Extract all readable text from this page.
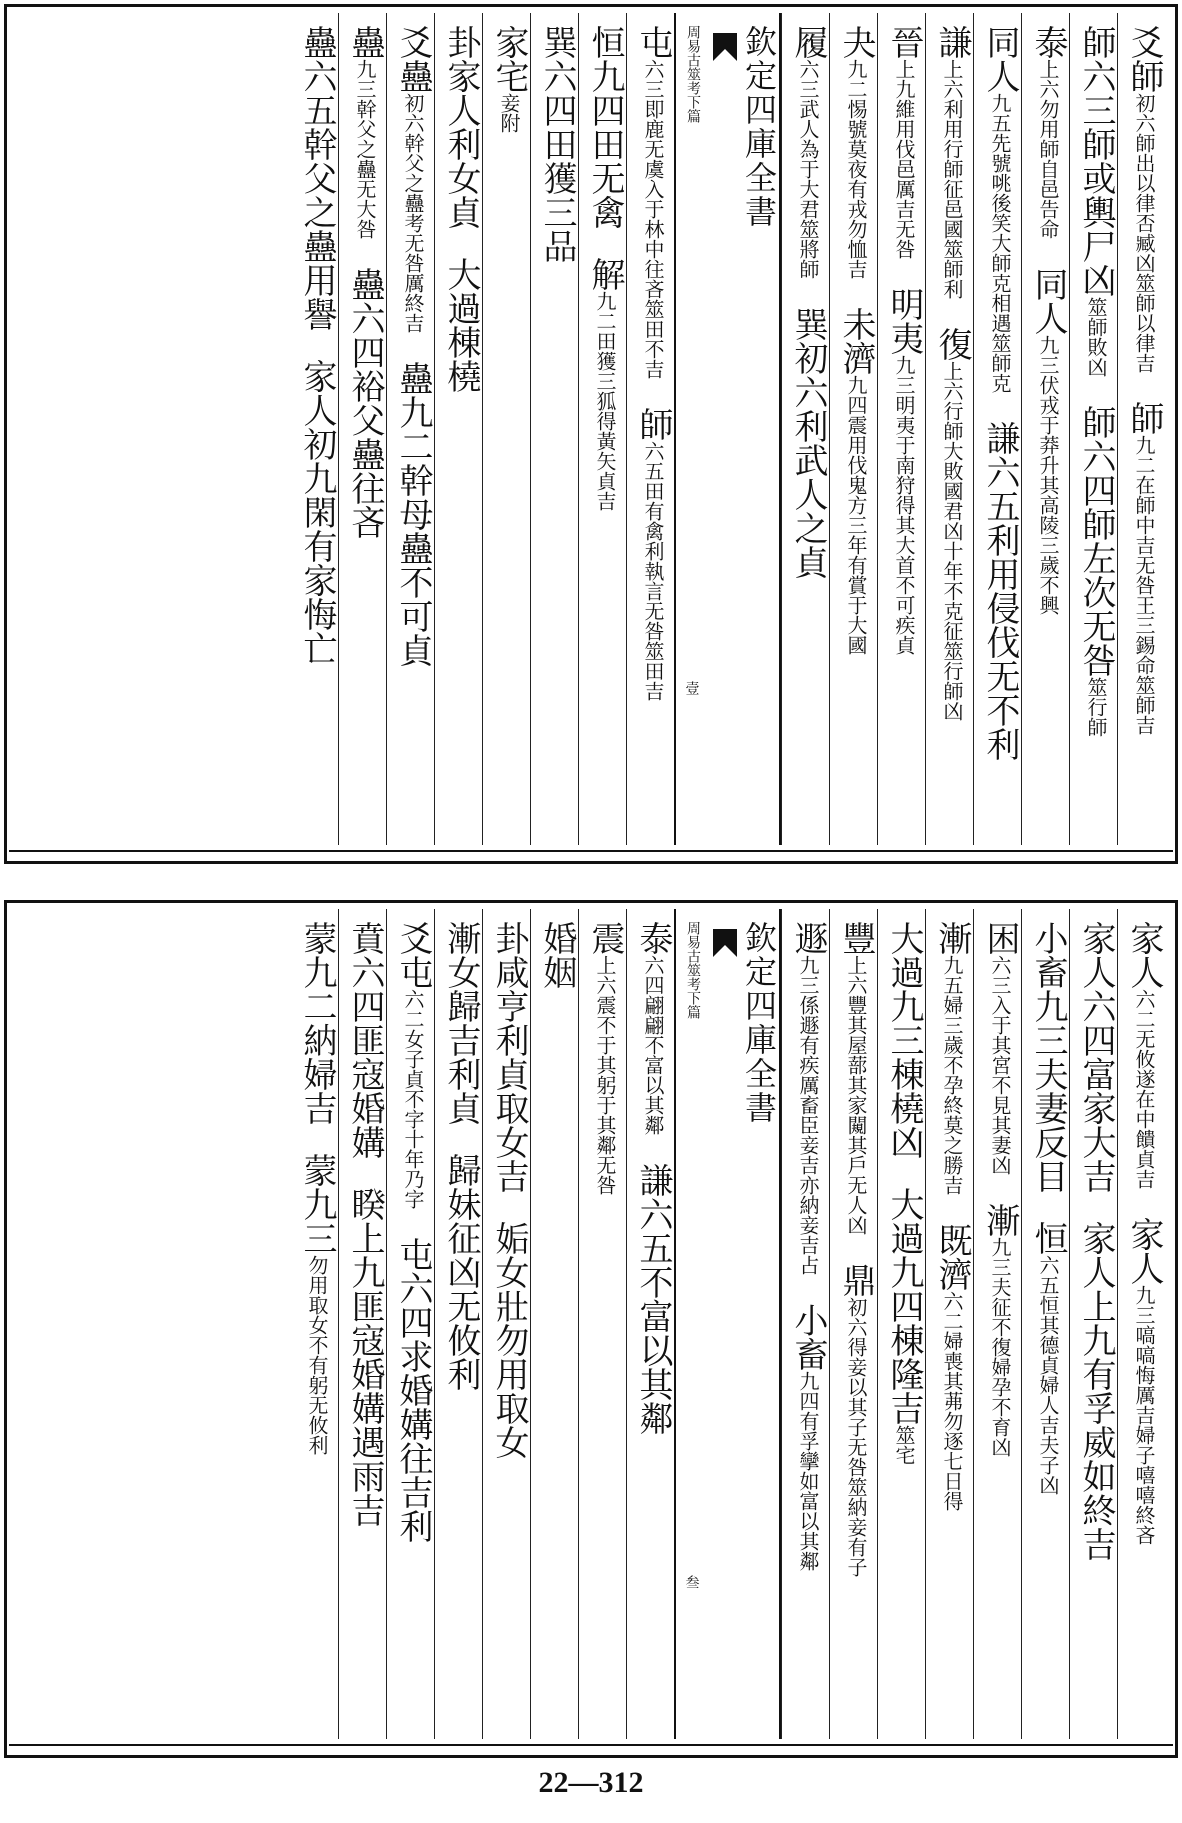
爻師初六師出以律否臧凶筮師以律吉師九二在師中吉无咎王三錫命筮師吉
師六三師或輿尸凶筮師敗凶師六四師左次无咎筮行師
泰上六勿用師自邑告命同人九三伏戎于莽升其高陵三歲不興
同人九五先號咷後笑大師克相遇筮師克謙六五利用侵伐无不利
謙上六利用行師征邑國筮師利復上六行師大敗國君凶十年不克征筮行師凶
晉上九維用伐邑厲吉无咎明夷九三明夷于南狩得其大首不可疾貞
夬九二惕號莫夜有戎勿恤吉未濟九四震用伐鬼方三年有賞于大國
履六三武人為于大君筮將師巽初六利武人之貞
欽定四庫全書
周易古筮考下篇
壹
屯六三即鹿无虞入于林中往吝筮田不吉師六五田有禽利執言无咎筮田吉
恒九四田无禽解九二田獲三狐得黃矢貞吉
巽六四田獲三品
家宅妾附
卦家人利女貞大過棟橈
爻蠱初六幹父之蠱考无咎厲終吉蠱九二幹母蠱不可貞
蠱九三幹父之蠱无大咎蠱六四裕父蠱往吝
蠱六五幹父之蠱用譽家人初九閑有家悔亡
家人六二无攸遂在中饋貞吉家人九三嗃嗃悔厲吉婦子嘻嘻終吝
家人六四富家大吉家人上九有孚威如終吉
小畜九三夫妻反目恒六五恒其德貞婦人吉夫子凶
困六三入于其宮不見其妻凶漸九三夫征不復婦孕不育凶
漸九五婦三歲不孕終莫之勝吉既濟六二婦喪其茀勿逐七日得
大過九三棟橈凶大過九四棟隆吉筮宅
豐上六豐其屋蔀其家闚其戶无人凶鼎初六得妾以其子无咎筮納妾有子
遯九三係遯有疾厲畜臣妾吉亦納妾吉占小畜九四有孚攣如富以其鄰
欽定四庫全書
周易古筮考下篇
叁
泰六四翩翩不富以其鄰謙六五不富以其鄰
震上六震不于其躬于其鄰无咎
婚姻
卦咸亨利貞取女吉姤女壯勿用取女
漸女歸吉利貞歸妹征凶无攸利
爻屯六二女子貞不字十年乃字屯六四求婚媾往吉利
賁六四匪寇婚媾睽上九匪寇婚媾遇雨吉
蒙九二納婦吉蒙九三勿用取女不有躬无攸利
22—312
